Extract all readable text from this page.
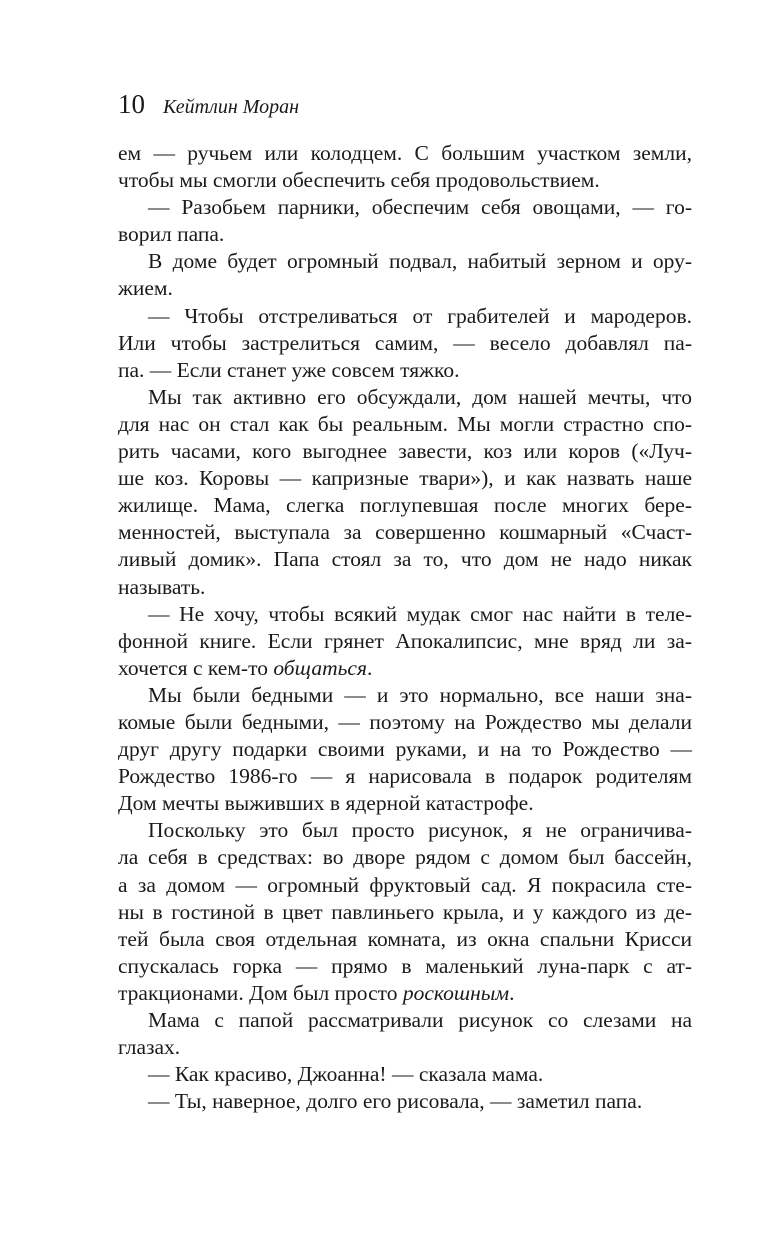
10 Кейтлин Моран
ем — ручьем или колодцем. С большим участком земли,
чтобы мы смогли обеспечить себя продовольствием.
— Разобьем парники, обеспечим себя овощами, — го-
ворил папа.
В доме будет огромный подвал, набитый зерном и ору-
жием.
— Чтобы отстреливаться от грабителей и мародеров.
Или чтобы застрелиться самим, — весело добавлял па-
па. — Если станет уже совсем тяжко.
Мы так активно его обсуждали, дом нашей мечты, что
для нас он стал как бы реальным. Мы могли страстно спо-
рить часами, кого выгоднее завести, коз или коров («Луч-
ше коз. Коровы — капризные твари»), и как назвать наше
жилище. Мама, слегка поглупевшая после многих бере-
менностей, выступала за совершенно кошмарный «Счаст-
ливый домик». Папа стоял за то, что дом не надо никак
называть.
— Не хочу, чтобы всякий мудак смог нас найти в теле-
фонной книге. Если грянет Апокалипсис, мне вряд ли за-
хочется с кем-то общаться.
Мы были бедными — и это нормально, все наши зна-
комые были бедными, — поэтому на Рождество мы делали
друг другу подарки своими руками, и на то Рождество —
Рождество 1986-го — я нарисовала в подарок родителям
Дом мечты выживших в ядерной катастрофе.
Поскольку это был просто рисунок, я не ограничива-
ла себя в средствах: во дворе рядом с домом был бассейн,
а за домом — огромный фруктовый сад. Я покрасила сте-
ны в гостиной в цвет павлиньего крыла, и у каждого из де-
тей была своя отдельная комната, из окна спальни Крисси
спускалась горка — прямо в маленький луна-парк с ат-
тракционами. Дом был просто роскошным.
Мама с папой рассматривали рисунок со слезами на
глазах.
— Как красиво, Джоанна! — сказала мама.
— Ты, наверное, долго его рисовала, — заметил папа.
